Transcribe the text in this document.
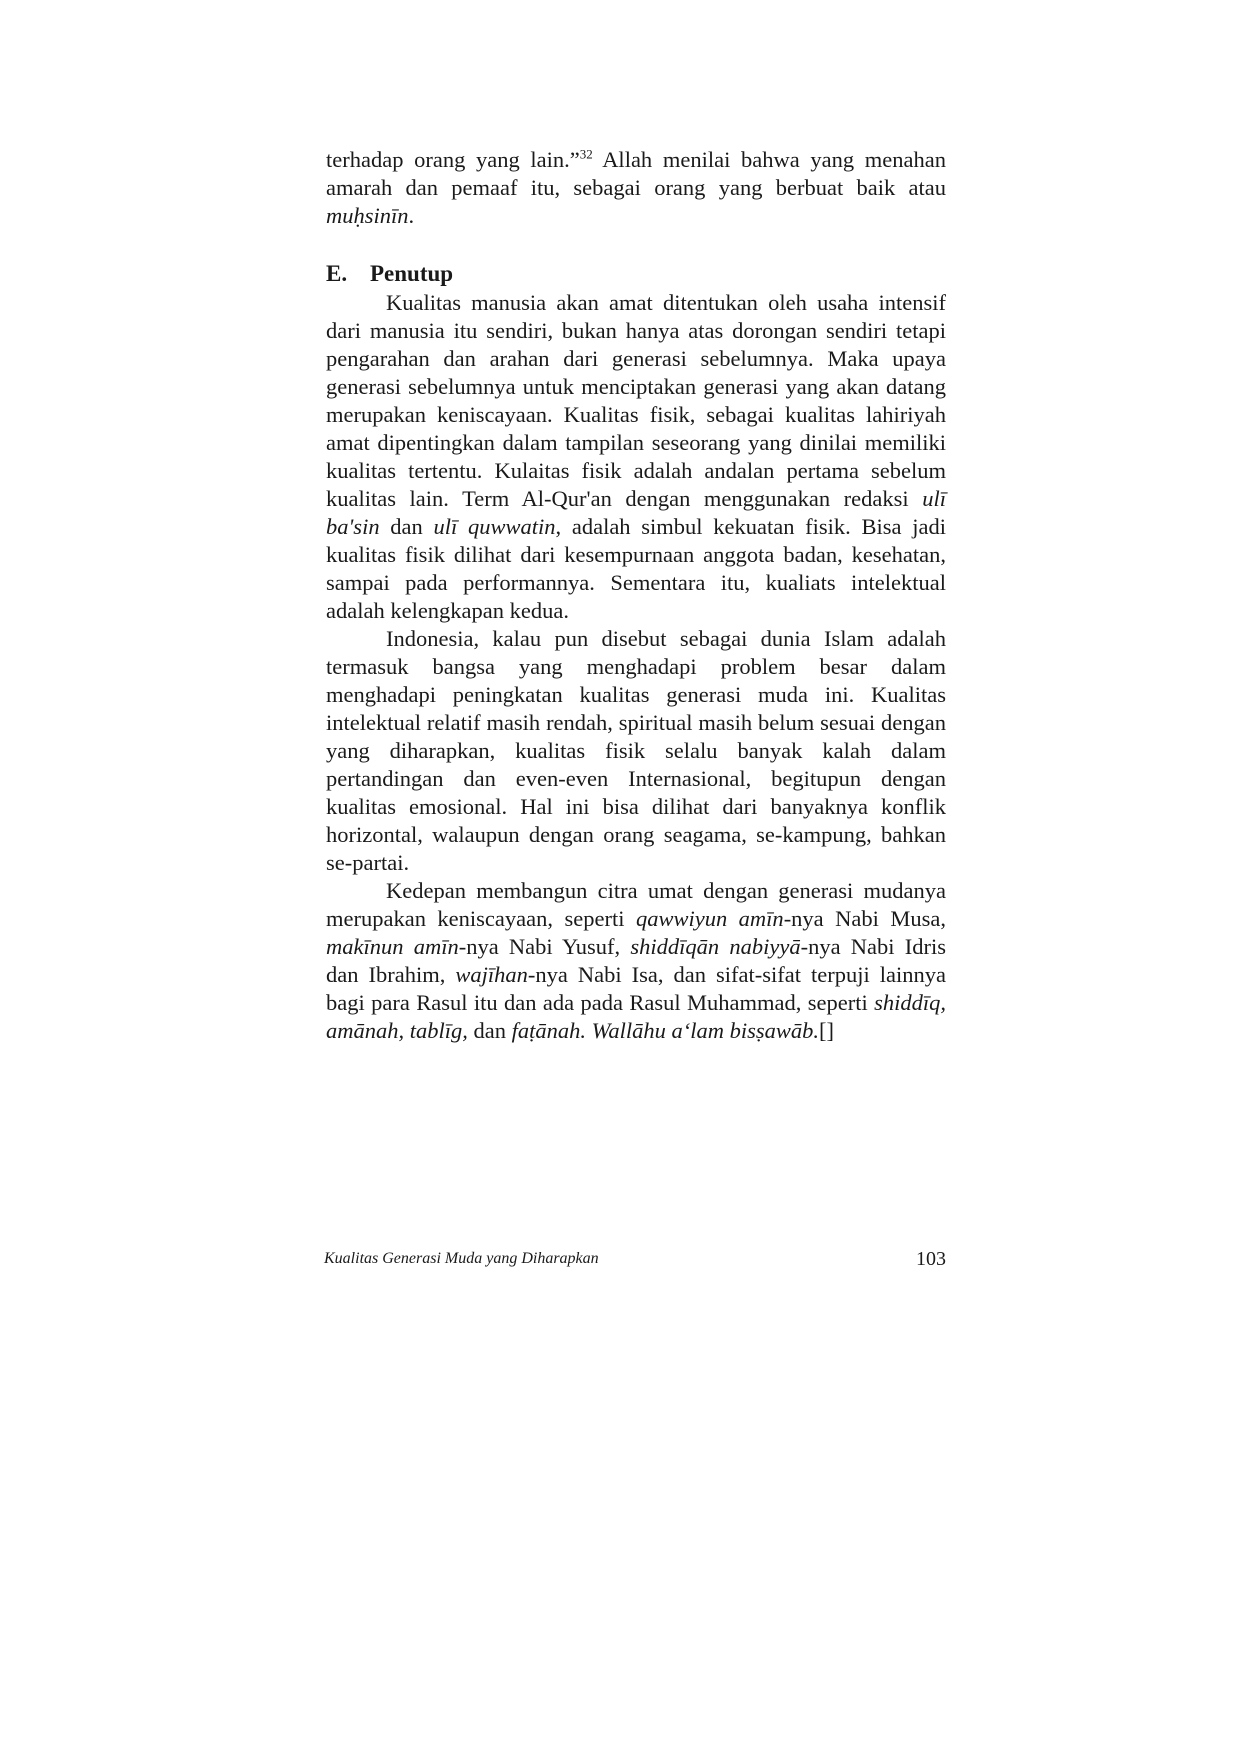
terhadap orang yang lain.”$^{32}$ Allah menilai bahwa yang menahan amarah dan pemaaf itu, sebagai orang yang berbuat baik atau muḥsinīn.
E. Penutup

Kualitas manusia akan amat ditentukan oleh usaha intensif dari manusia itu sendiri, bukan hanya atas dorongan sendiri tetapi pengarahan dan arahan dari generasi sebelumnya. Maka upaya generasi sebelumnya untuk menciptakan generasi yang akan datang merupakan keniscayaan. Kualitas fisik, sebagai kualitas lahiriyah amat dipentingkan dalam tampilan seseorang yang dinilai memiliki kualitas tertentu. Kulaitas fisik adalah andalan pertama sebelum kualitas lain. Term Al-Qur'an dengan menggunakan redaksi ulī ba'sin dan ulī quwwatin, adalah simbul kekuatan fisik. Bisa jadi kualitas fisik dilihat dari kesempurnaan anggota badan, kesehatan, sampai pada performannya. Sementara itu, kualiats intelektual adalah kelengkapan kedua.

Indonesia, kalau pun disebut sebagai dunia Islam adalah termasuk bangsa yang menghadapi problem besar dalam menghadapi peningkatan kualitas generasi muda ini. Kualitas intelektual relatif masih rendah, spiritual masih belum sesuai dengan yang diharapkan, kualitas fisik selalu banyak kalah dalam pertandingan dan even-even Internasional, begitupun dengan kualitas emosional. Hal ini bisa dilihat dari banyaknya konflik horizontal, walaupun dengan orang seagama, se-kampung, bahkan se-partai.

Kedepan membangun citra umat dengan generasi mudanya merupakan keniscayaan, seperti qawwiyun amīn-nya Nabi Musa, makīnun amīn-nya Nabi Yusuf, shiddīqān nabiyyā-nya Nabi Idris dan Ibrahim, wajīhan-nya Nabi Isa, dan sifat-sifat terpuji lainnya bagi para Rasul itu dan ada pada Rasul Muhammad, seperti shiddīq, amānah, tablīg, dan faṭānah. Wallāhu a‘lam bisṣawāb.[]

Kualitas Generasi Muda yang Diharapkan	103
